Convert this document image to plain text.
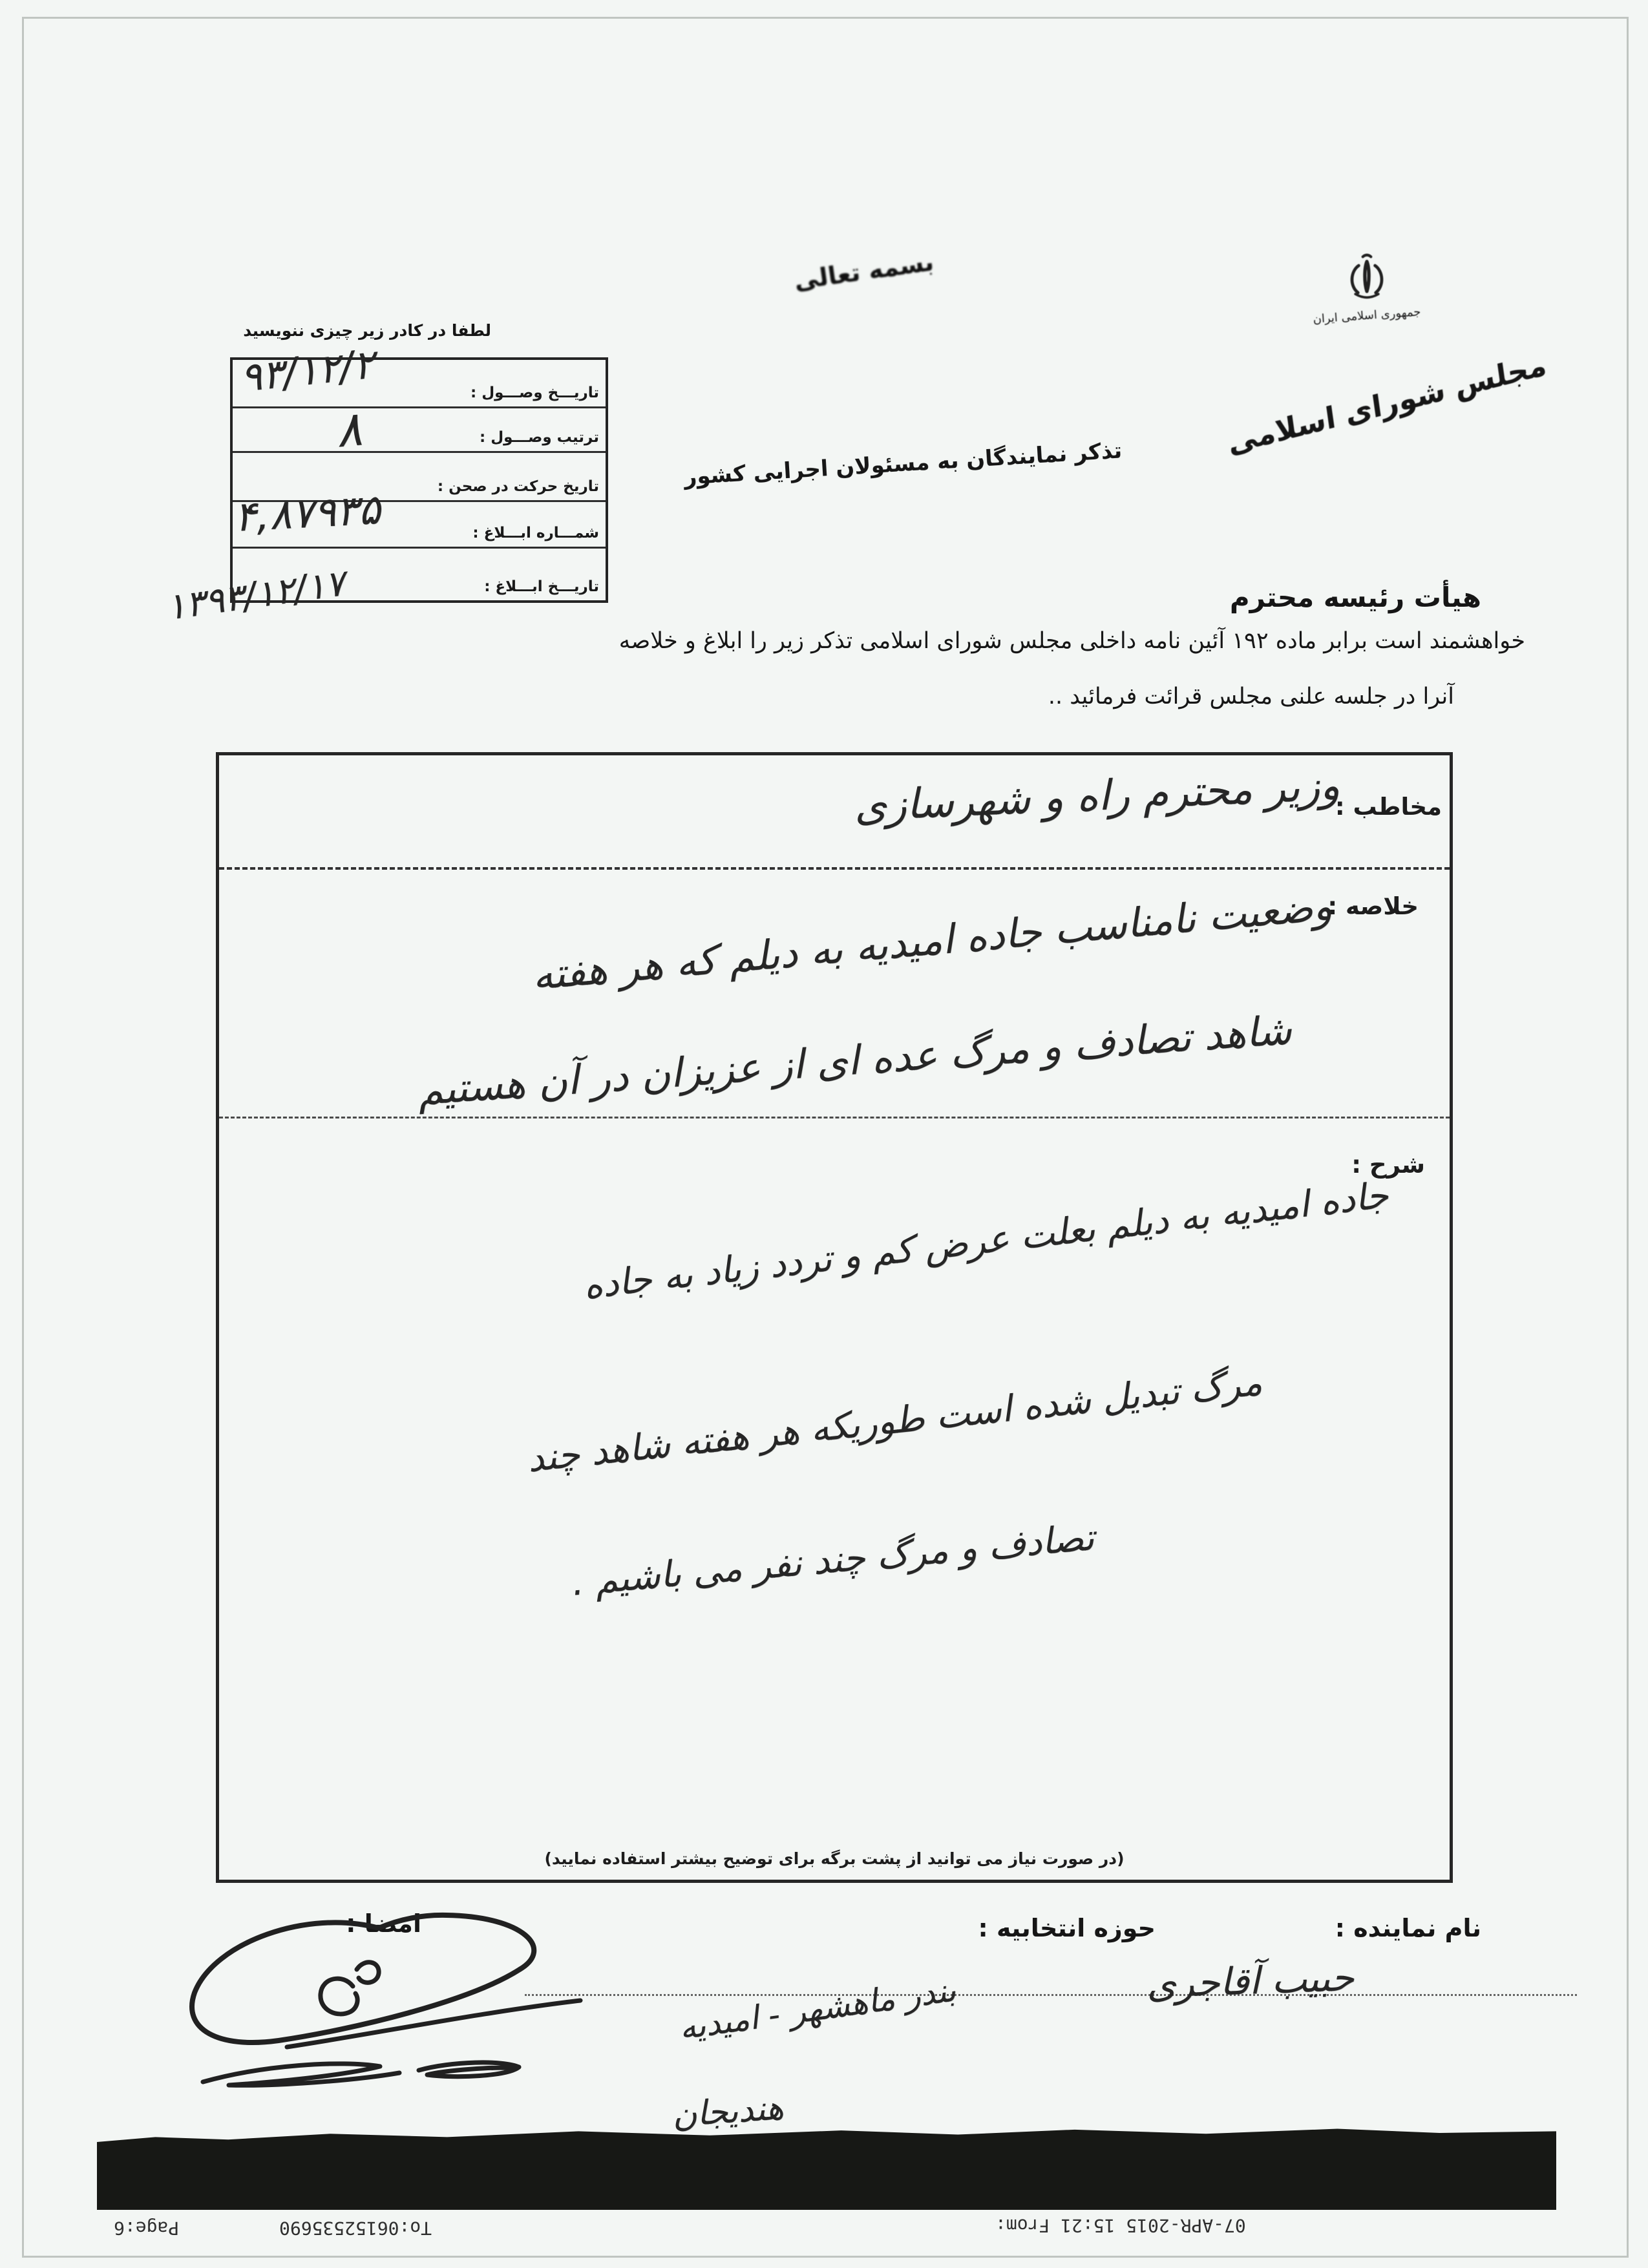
لطفا در کادر زیر چیزی ننویسید
تاریـــخ وصـــول :
ترتیب وصـــول :
تاریخ حرکت در صحن :
شمـــاره ابـــلاغ :
تاریـــخ ابـــلاغ :
۹۳/۱۲/۲
۸
۴,۸۷۹۳۵
۱۳۹۳/۱۲/۱۷
بسمه تعالی
جمهوری اسلامی ایران
مجلس شورای اسلامی
تذکر نمایندگان به مسئولان اجرایی کشور
هیأت رئیسه محترم
خواهشمند است برابر ماده ۱۹۲ آئین نامه داخلی مجلس شورای اسلامی تذکر زیر را ابلاغ و خلاصه
آنرا در جلسه علنی مجلس قرائت فرمائید ..
مخاطب :
وزیر محترم راه و شهرسازی
خلاصه :
وضعیت نامناسب جاده امیدیه به دیلم که هر هفته
شاهد تصادف و مرگ عده ای از عزیزان در آن هستیم
شرح :
جاده امیدیه به دیلم بعلت عرض کم و تردد زیاد به جاده
مرگ تبدیل شده است طوریکه هر هفته شاهد چند
تصادف و مرگ چند نفر می باشیم .
(در صورت نیاز می توانید از پشت برگه برای توضیح بیشتر استفاده نمایید)
نام نماینده :
حوزه انتخابیه :
امضا :
حبیب آقاجری
بندر ماهشهر - امیدیه
هندیجان
07-APR-2015 15:21 From:
To:06152535690
Page:6
